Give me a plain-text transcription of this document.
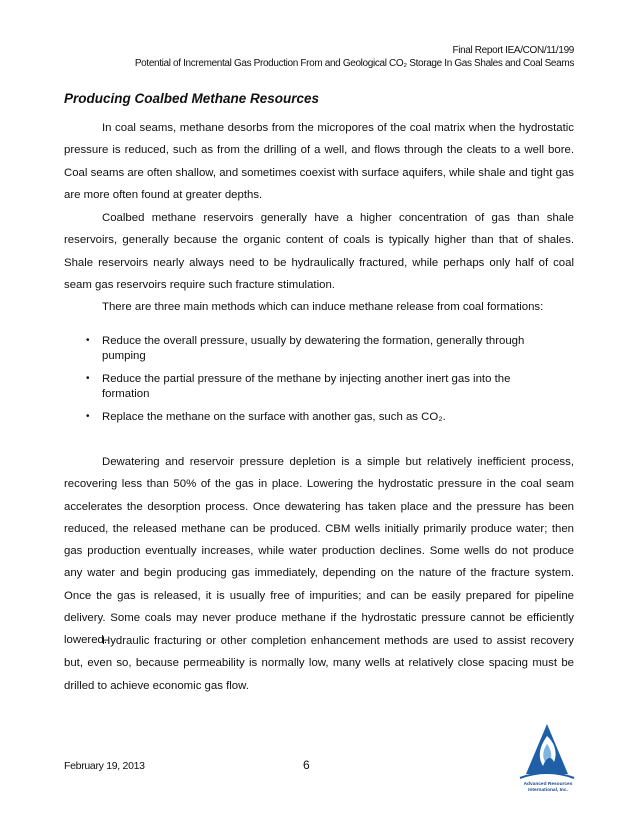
Final Report IEA/CON/11/199
Potential of Incremental Gas Production From and Geological CO₂ Storage In Gas Shales and Coal Seams
Producing Coalbed Methane Resources

In coal seams, methane desorbs from the micropores of the coal matrix when the hydrostatic pressure is reduced, such as from the drilling of a well, and flows through the cleats to a well bore. Coal seams are often shallow, and sometimes coexist with surface aquifers, while shale and tight gas are more often found at greater depths.

Coalbed methane reservoirs generally have a higher concentration of gas than shale reservoirs, generally because the organic content of coals is typically higher than that of shales. Shale reservoirs nearly always need to be hydraulically fractured, while perhaps only half of coal seam gas reservoirs require such fracture stimulation.

There are three main methods which can induce methane release from coal formations:

• Reduce the overall pressure, usually by dewatering the formation, generally through pumping
• Reduce the partial pressure of the methane by injecting another inert gas into the formation
• Replace the methane on the surface with another gas, such as CO₂.

Dewatering and reservoir pressure depletion is a simple but relatively inefficient process, recovering less than 50% of the gas in place. Lowering the hydrostatic pressure in the coal seam accelerates the desorption process. Once dewatering has taken place and the pressure has been reduced, the released methane can be produced. CBM wells initially primarily produce water; then gas production eventually increases, while water production declines. Some wells do not produce any water and begin producing gas immediately, depending on the nature of the fracture system. Once the gas is released, it is usually free of impurities; and can be easily prepared for pipeline delivery. Some coals may never produce methane if the hydrostatic pressure cannot be efficiently lowered.

Hydraulic fracturing or other completion enhancement methods are used to assist recovery but, even so, because permeability is normally low, many wells at relatively close spacing must be drilled to achieve economic gas flow.

February 19, 2013	6
Advanced Resources
International, Inc.
